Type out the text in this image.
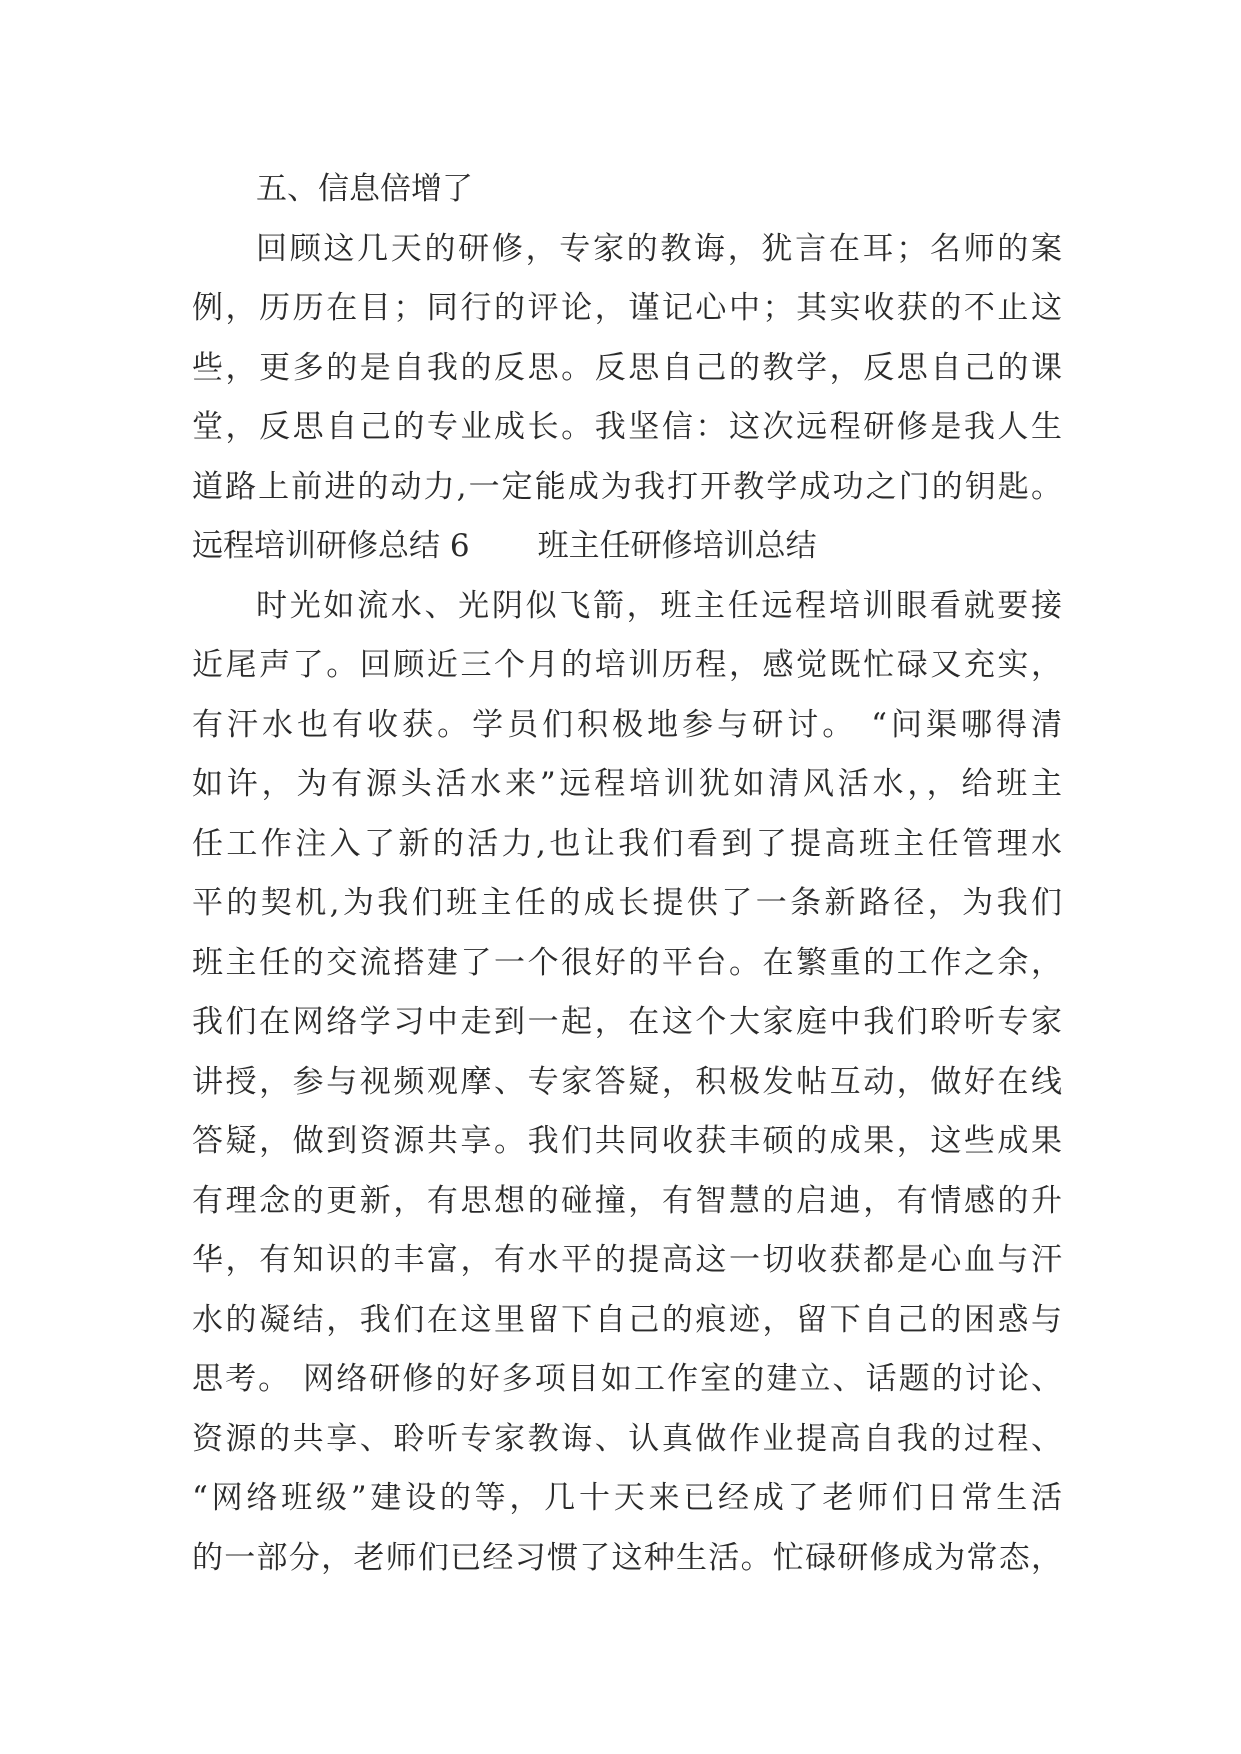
五、信息倍增了
回顾这几天的研修，专家的教诲，犹言在耳；名师的案
例，历历在目；同行的评论，谨记心中；其实收获的不止这
些，更多的是自我的反思。反思自己的教学，反思自己的课
堂，反思自己的专业成长。我坚信：这次远程研修是我人生
道路上前进的动力,一定能成为我打开教学成功之门的钥匙。
远程培训研修总结 6 班主任研修培训总结
时光如流水、光阴似飞箭，班主任远程培训眼看就要接
近尾声了。回顾近三个月的培训历程，感觉既忙碌又充实，
有汗水也有收获。学员们积极地参与研讨。 “问渠哪得清
如许，为有源头活水来”远程培训犹如清风活水，，给班主
任工作注入了新的活力,也让我们看到了提高班主任管理水
平的契机,为我们班主任的成长提供了一条新路径，为我们
班主任的交流搭建了一个很好的平台。在繁重的工作之余，
我们在网络学习中走到一起，在这个大家庭中我们聆听专家
讲授，参与视频观摩、专家答疑，积极发帖互动，做好在线
答疑，做到资源共享。我们共同收获丰硕的成果，这些成果
有理念的更新，有思想的碰撞，有智慧的启迪，有情感的升
华，有知识的丰富，有水平的提高这一切收获都是心血与汗
水的凝结，我们在这里留下自己的痕迹，留下自己的困惑与
思考。 网络研修的好多项目如工作室的建立、话题的讨论、
资源的共享、聆听专家教诲、认真做作业提高自我的过程、
“网络班级”建设的等，几十天来已经成了老师们日常生活
的一部分，老师们已经习惯了这种生活。忙碌研修成为常态，
